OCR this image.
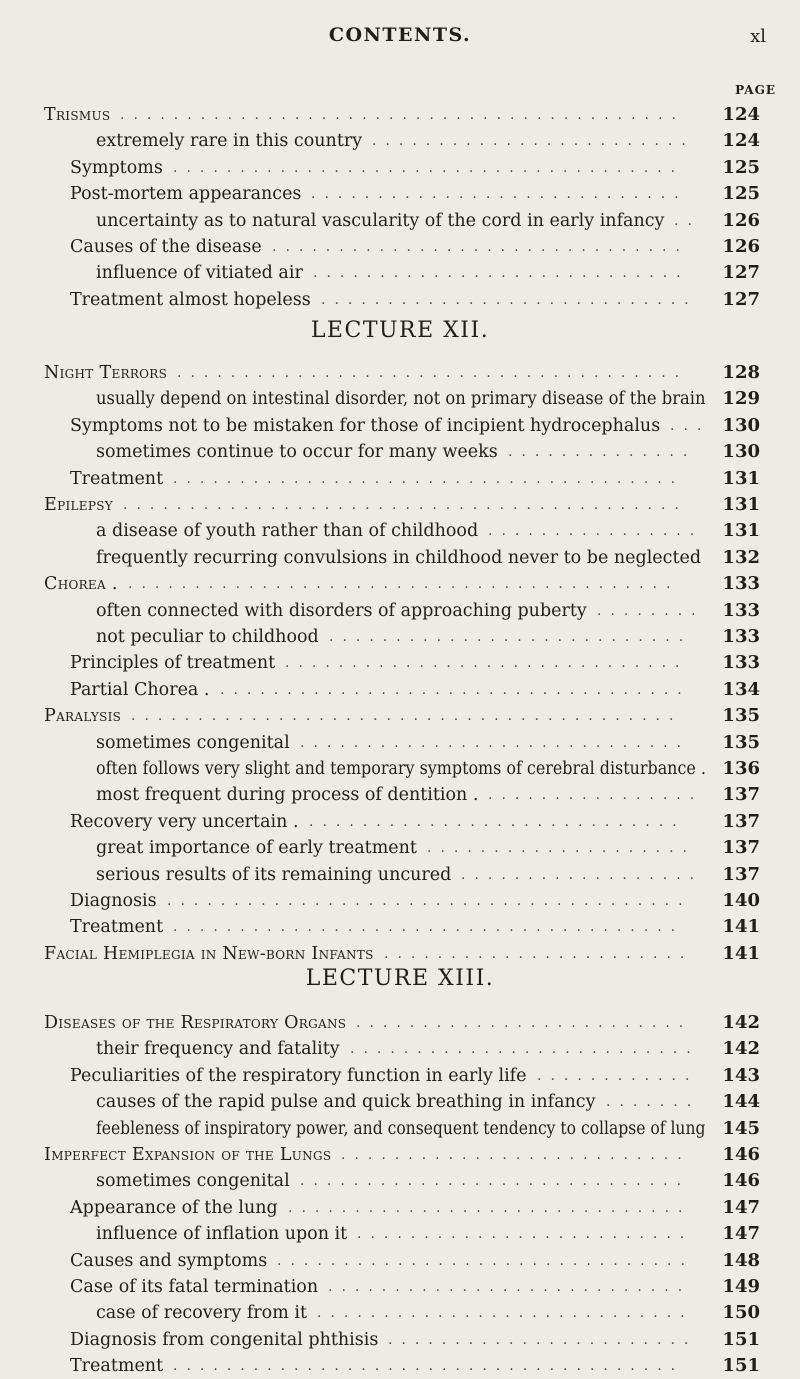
CONTENTS.	xl
PAGE
Trismus ..........................................	124
extremely rare in this country ........................	124
Symptoms ......................................	125
Post-mortem appearances ............................	125
uncertainty as to natural vascularity of the cord in early infancy ..	126
Causes of the disease ...............................	126
influence of vitiated air ............................	127
Treatment almost hopeless ............................	127
LECTURE XII.
Night Terrors ......................................	128
usually depend on intestinal disorder, not on primary disease of the brain 129
Symptoms not to be mistaken for those of incipient hydrocephalus ... 130
sometimes continue to occur for many weeks ..............	130
Treatment ......................................	131
Epilepsy ..........................................	131
a disease of youth rather than of childhood ................	131
frequently recurring convulsions in childhood never to be neglected 132
Chorea . .........................................	133
often connected with disorders of approaching puberty ........ 133
not peculiar to childhood ...........................	133
Principles of treatment ..............................	133
Partial Chorea . ...................................	134
Paralysis .........................................	135
sometimes congenital .............................	135
often follows very slight and temporary symptoms of cerebral disturbance . 136
most frequent during process of dentition . ................	137
Recovery very uncertain . ............................	137
great importance of early treatment ....................	137
serious results of its remaining uncured ..................	137
Diagnosis .......................................	140
Treatment ......................................	141
Facial Hemiplegia in New-born Infants .......................	141
LECTURE XIII.
Diseases of the Respiratory Organs .........................	142
their frequency and fatality ..........................	142
Peculiarities of the respiratory function in early life ............	143
causes of the rapid pulse and quick breathing in infancy .......	144
feebleness of inspiratory power, and consequent tendency to collapse of lung 145
Imperfect Expansion of the Lungs ..........................	146
sometimes congenital .............................	146
Appearance of the lung ..............................	147
influence of inflation upon it .........................	147
Causes and symptoms ...............................	148
Case of its fatal termination ...........................	149
case of recovery from it ............................	150
Diagnosis from congenital phthisis .......................	151
Treatment ......................................	151
